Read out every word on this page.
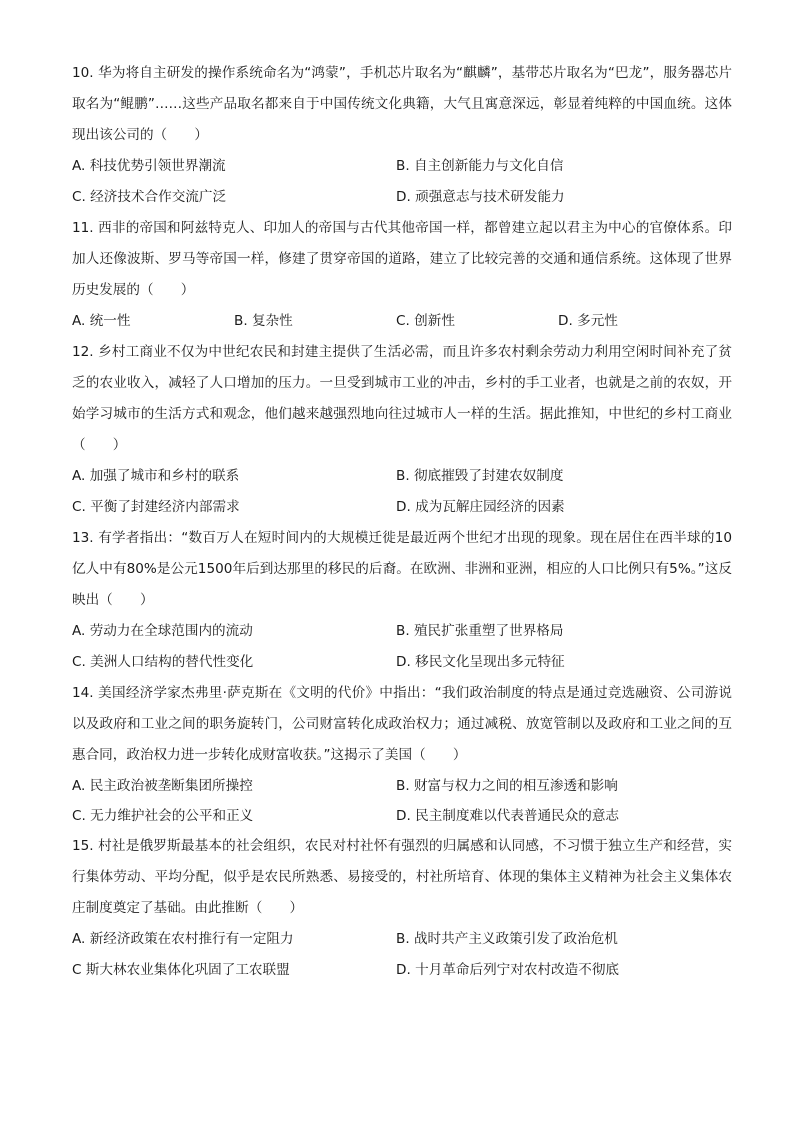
10. 华为将自主研发的操作系统命名为“鸿蒙”，手机芯片取名为“麒麟”，基带芯片取名为“巴龙”，服务器芯片取名为“鲲鹏”……这些产品取名都来自于中国传统文化典籍，大气且寓意深远，彰显着纯粹的中国血统。这体现出该公司的（　　）

A. 科技优势引领世界潮流	B. 自主创新能力与文化自信
C. 经济技术合作交流广泛	D. 顽强意志与技术研发能力

11. 西非的帝国和阿兹特克人、印加人的帝国与古代其他帝国一样，都曾建立起以君主为中心的官僚体系。印加人还像波斯、罗马等帝国一样，修建了贯穿帝国的道路，建立了比较完善的交通和通信系统。这体现了世界历史发展的（　　）

A. 统一性	B. 复杂性	C. 创新性	D. 多元性

12. 乡村工商业不仅为中世纪农民和封建主提供了生活必需，而且许多农村剩余劳动力利用空闲时间补充了贫乏的农业收入，减轻了人口增加的压力。一旦受到城市工业的冲击，乡村的手工业者，也就是之前的农奴，开始学习城市的生活方式和观念，他们越来越强烈地向往过城市人一样的生活。据此推知，中世纪的乡村工商业（　　）

A. 加强了城市和乡村的联系	B. 彻底摧毁了封建农奴制度
C. 平衡了封建经济内部需求	D. 成为瓦解庄园经济的因素

13. 有学者指出：“数百万人在短时间内的大规模迁徙是最近两个世纪才出现的现象。现在居住在西半球的10亿人中有80%是公元1500年后到达那里的移民的后裔。在欧洲、非洲和亚洲，相应的人口比例只有5%。”这反映出（　　）

A. 劳动力在全球范围内的流动	B. 殖民扩张重塑了世界格局
C. 美洲人口结构的替代性变化	D. 移民文化呈现出多元特征

14. 美国经济学家杰弗里·萨克斯在《文明的代价》中指出：“我们政治制度的特点是通过竞选融资、公司游说以及政府和工业之间的职务旋转门，公司财富转化成政治权力；通过减税、放宽管制以及政府和工业之间的互惠合同，政治权力进一步转化成财富收获。”这揭示了美国（　　）

A. 民主政治被垄断集团所操控	B. 财富与权力之间的相互渗透和影响
C. 无力维护社会的公平和正义	D. 民主制度难以代表普通民众的意志

15. 村社是俄罗斯最基本的社会组织，农民对村社怀有强烈的归属感和认同感，不习惯于独立生产和经营，实行集体劳动、平均分配，似乎是农民所熟悉、易接受的，村社所培育、体现的集体主义精神为社会主义集体农庄制度奠定了基础。由此推断（　　）

A. 新经济政策在农村推行有一定阻力	B. 战时共产主义政策引发了政治危机
C 斯大林农业集体化巩固了工农联盟	D. 十月革命后列宁对农村改造不彻底
